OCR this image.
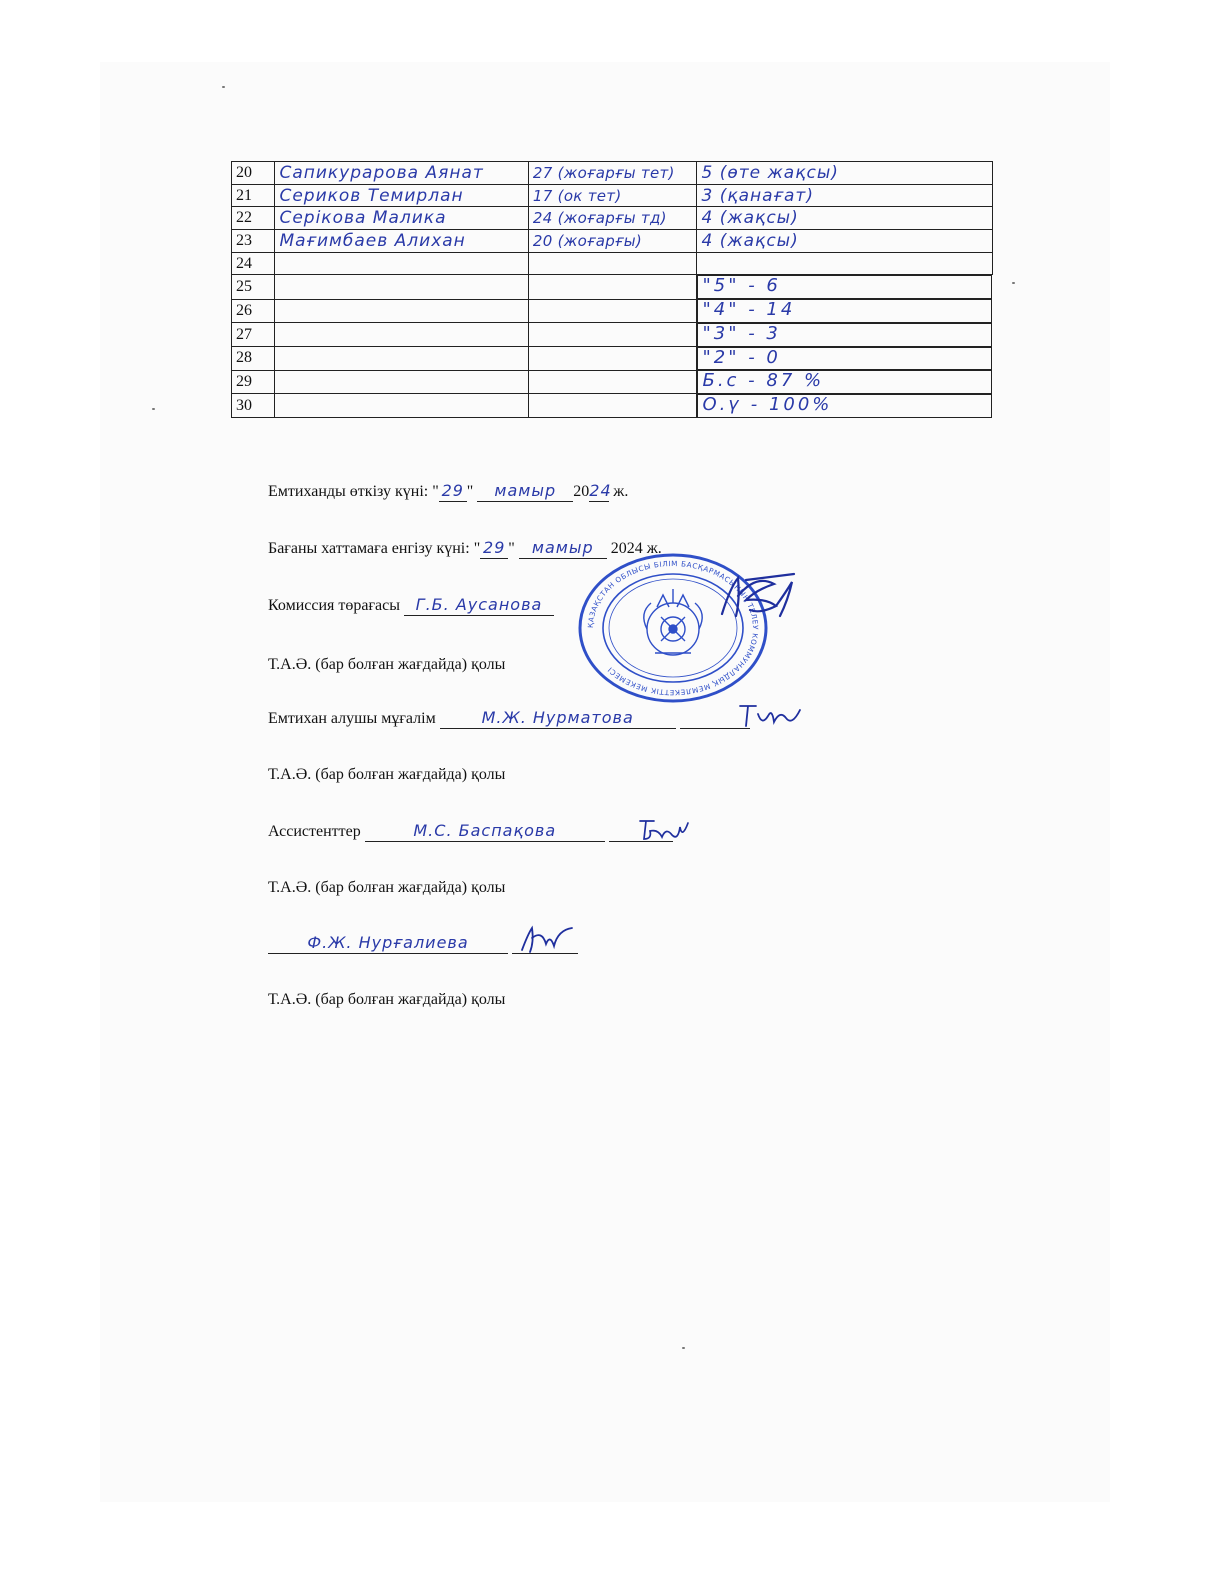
20	Сапикурарова Аянат	27 (жоғарғы тет)	5 (өте жақсы)
21	Сериков Темирлан	17 (ок тет)	3 (қанағат)
22	Серікова Малика	24 (жоғарғы тд)	4 (жақсы)
23	Мағимбаев Алихан	20 (жоғарғы)	4 (жақсы)
24			
25				"5" - 6
26				"4" - 14
27				"3" - 3
28				"2" - 0
29				Б.с - 87 %
30				О.ү - 100%
Емтиханды өткізу күні: " 29 " мамыр 2024 ж.
Бағаны хаттамаға енгізу күні: " 29 " мамыр 2024 ж.
Комиссия төрағасы Г.Б. Аусанова
Т.А.Ә. (бар болған жағдайда) қолы
Емтихан алушы мұғалім	М.Ж. Нурматова
Т.А.Ә. (бар болған жағдайда) қолы
Ассистенттер	М.С. Баспақова
Т.А.Ә. (бар болған жағдайда) қолы
Ф.Ж. Нурғалиева
Т.А.Ә. (бар болған жағдайда) қолы
ҚАЗАҚСТАН ОБЛЫСЫ БІЛІМ БАСҚАРМАСЫНЫҢ ТЕЛЕУ КОММУНАЛДЫҚ МЕМЛЕКЕТТІК МЕКЕМЕСІ
